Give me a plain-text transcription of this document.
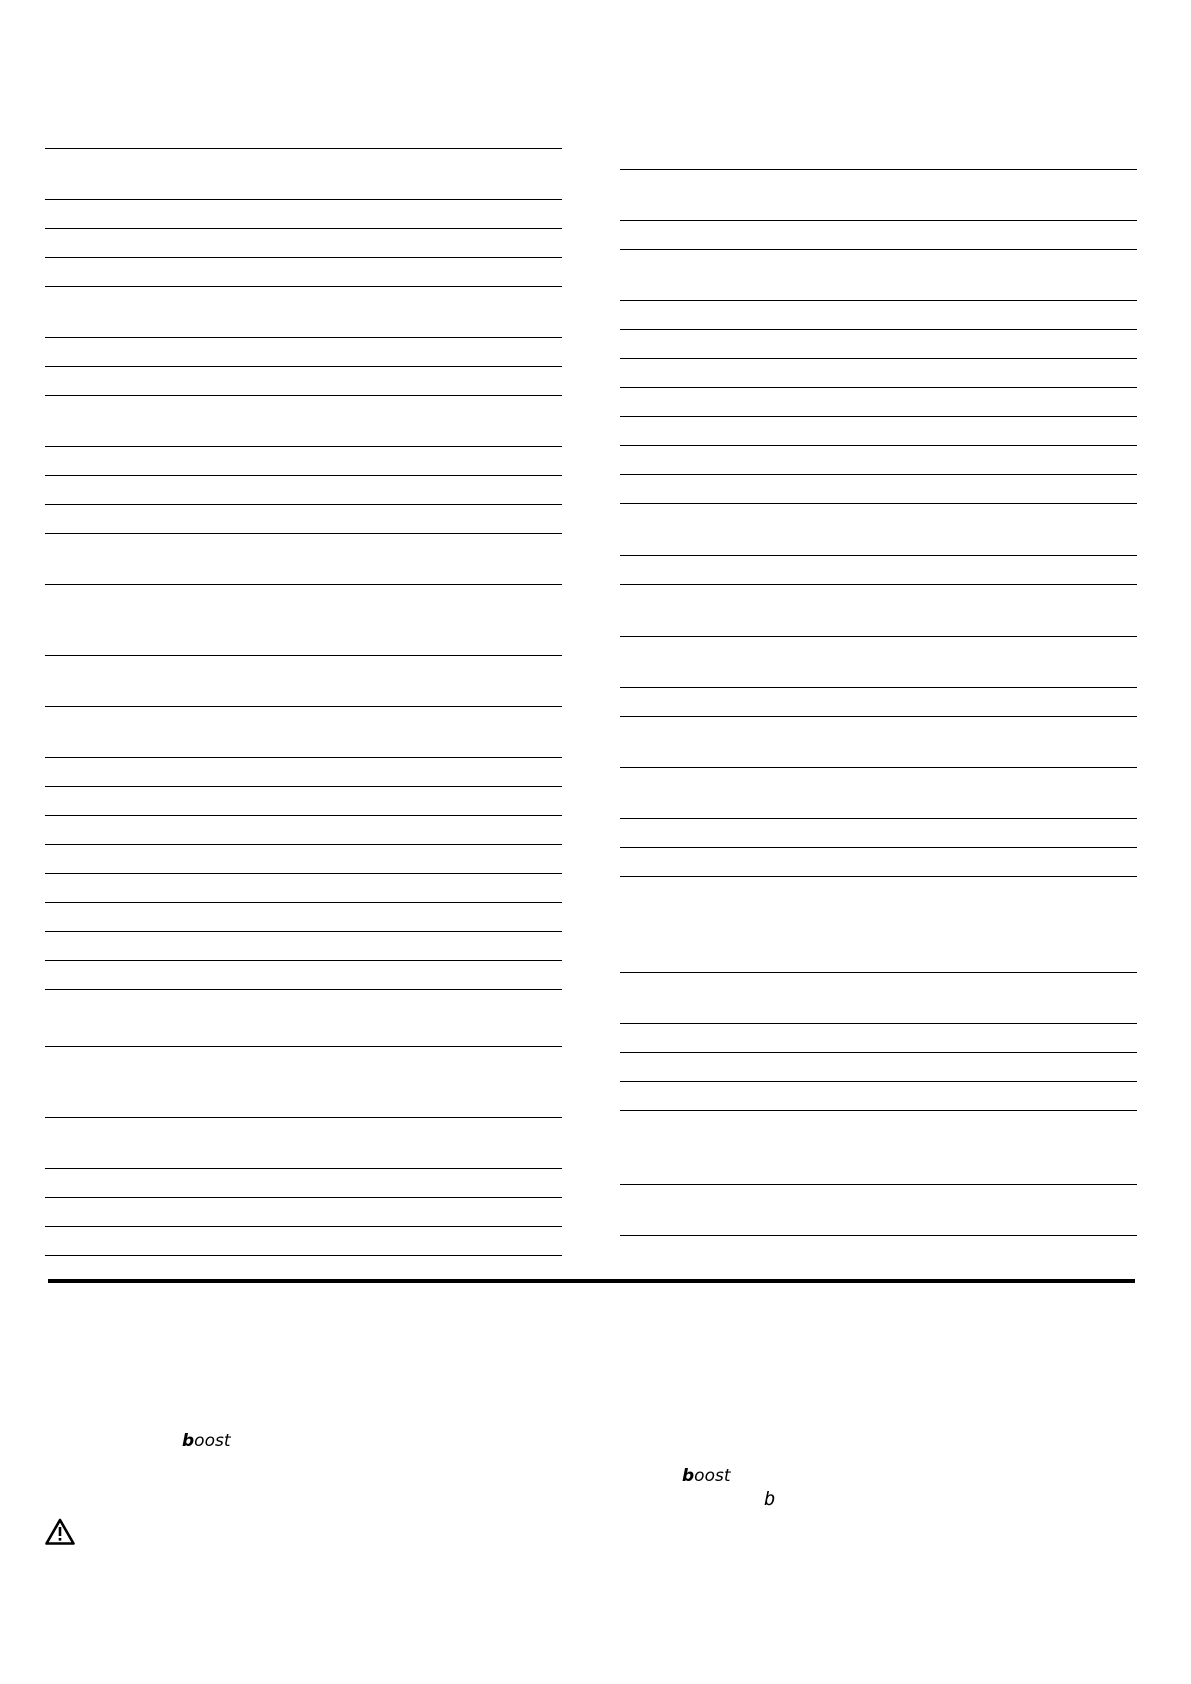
boost
boost
b
